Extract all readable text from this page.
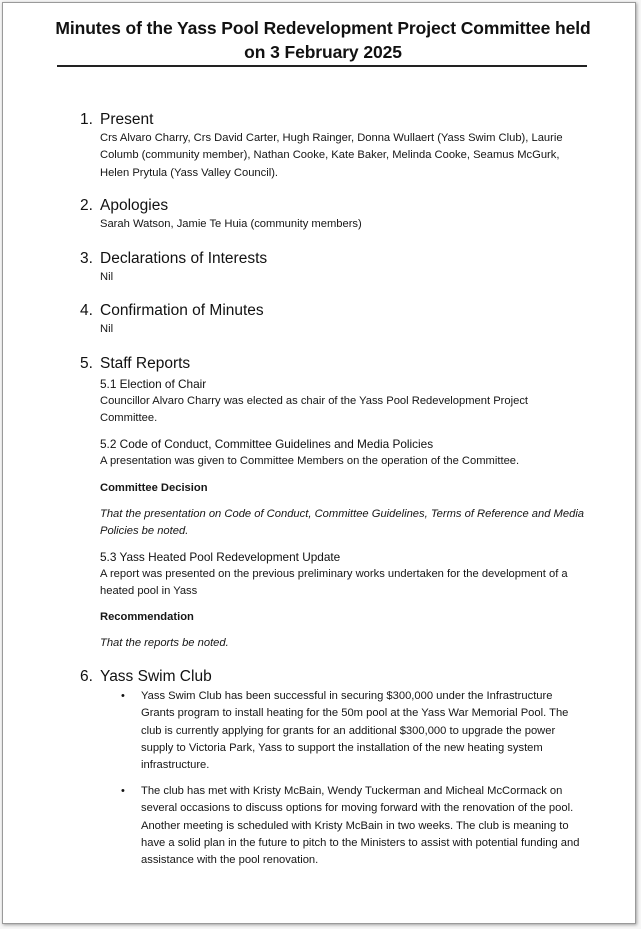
Minutes of the Yass Pool Redevelopment Project Committee held on 3 February 2025
1. Present
Crs Alvaro Charry, Crs David Carter, Hugh Rainger, Donna Wullaert (Yass Swim Club), Laurie Columb (community member), Nathan Cooke, Kate Baker, Melinda Cooke, Seamus McGurk, Helen Prytula (Yass Valley Council).
2. Apologies
Sarah Watson, Jamie Te Huia (community members)
3. Declarations of Interests
Nil
4. Confirmation of Minutes
Nil
5. Staff Reports
5.1 Election of Chair
Councillor Alvaro Charry was elected as chair of the Yass Pool Redevelopment Project Committee.
5.2 Code of Conduct, Committee Guidelines and Media Policies
A presentation was given to Committee Members on the operation of the Committee.
Committee Decision
That the presentation on Code of Conduct, Committee Guidelines, Terms of Reference and Media Policies be noted.
5.3 Yass Heated Pool Redevelopment Update
A report was presented on the previous preliminary works undertaken for the development of a heated pool in Yass
Recommendation
That the reports be noted.
6. Yass Swim Club
• Yass Swim Club has been successful in securing $300,000 under the Infrastructure Grants program to install heating for the 50m pool at the Yass War Memorial Pool. The club is currently applying for grants for an additional $300,000 to upgrade the power supply to Victoria Park, Yass to support the installation of the new heating system infrastructure.
• The club has met with Kristy McBain, Wendy Tuckerman and Micheal McCormack on several occasions to discuss options for moving forward with the renovation of the pool. Another meeting is scheduled with Kristy McBain in two weeks. The club is meaning to have a solid plan in the future to pitch to the Ministers to assist with potential funding and assistance with the pool renovation.
